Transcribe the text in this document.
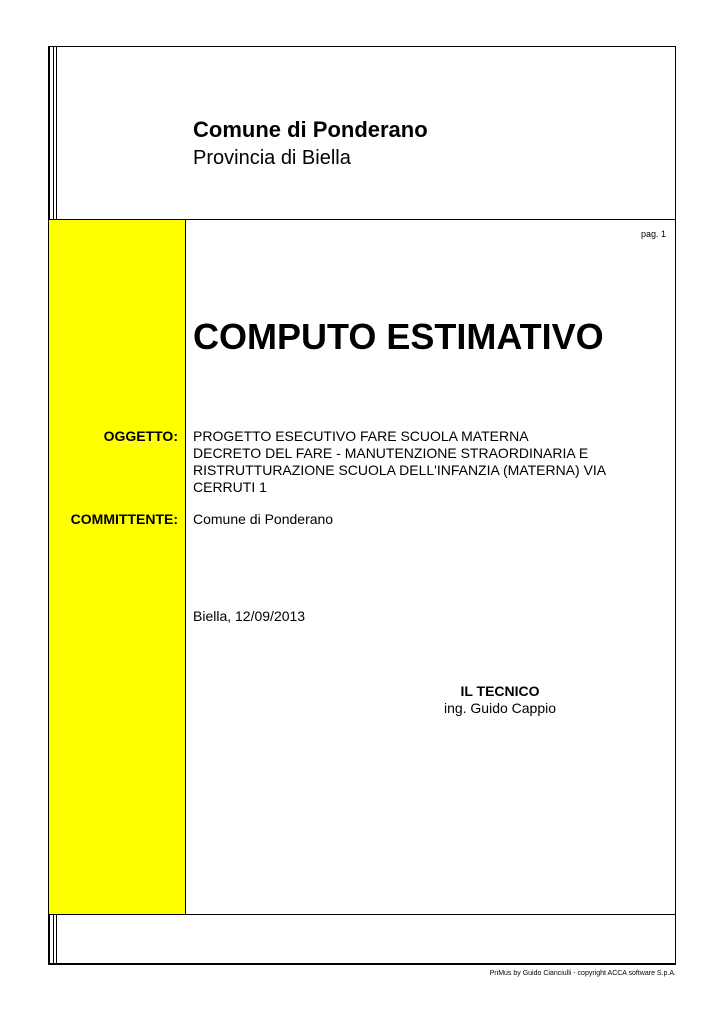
Comune di Ponderano
Provincia di Biella
pag. 1
COMPUTO ESTIMATIVO
OGGETTO: PROGETTO ESECUTIVO FARE SCUOLA MATERNA
DECRETO DEL FARE - MANUTENZIONE STRAORDINARIA E
RISTRUTTURAZIONE SCUOLA DELL'INFANZIA (MATERNA) VIA
CERRUTI 1
COMMITTENTE: Comune di Ponderano
Biella, 12/09/2013
IL TECNICO
ing. Guido Cappio
PriMus by Guido Cianciulli - copyright ACCA software S.p.A.
